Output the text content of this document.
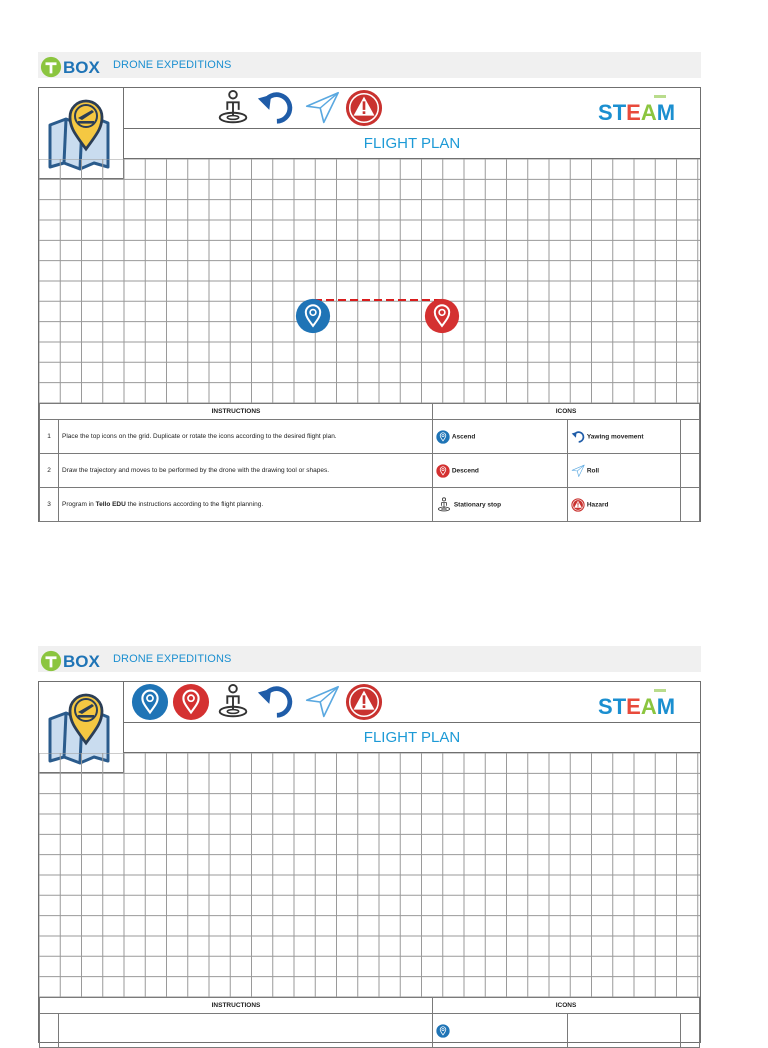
BOX DRONE EXPEDITIONS
STEAM
FLIGHT PLAN
INSTRUCTIONS		ICONS		
1	Place the top icons on the grid. Duplicate or rotate the icons according to the desired flight plan.	Ascend	Yawing movement	
2	Draw the trajectory and moves to be performed by the drone with the drawing tool or shapes.	Descend	Roll	
3	Program in Tello EDU the instructions according to the flight planning.	Stationary stop	Hazard	
BOX DRONE EXPEDITIONS
STEAM
FLIGHT PLAN
INSTRUCTIONS		ICONS		
